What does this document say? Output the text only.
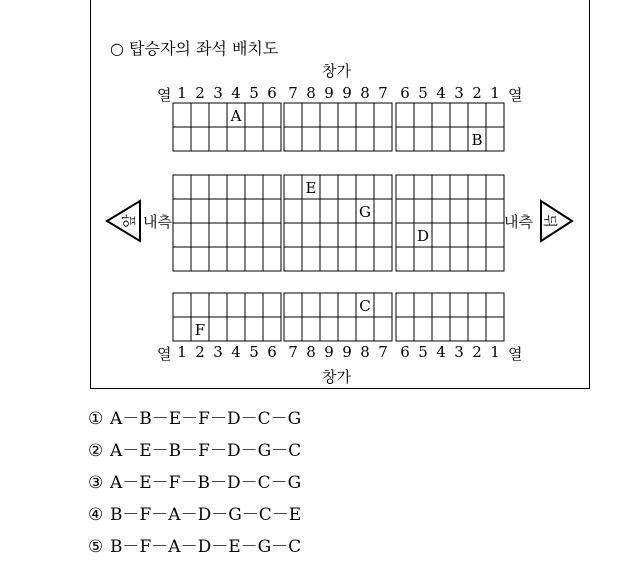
○ 탑승자의 좌석 배치도
창가
창가
열	열
열	열
내측	내측
1 2 3 4 5 6 7 8 9 9 8 7 6 5 4 3 2 1
1 2 3 4 5 6 7 8 9 9 8 7 6 5 4 3 2 1
A
B
C
D
E
F
G
앞	뒤
① A－B－E－F－D－C－G
② A－E－B－F－D－G－C
③ A－E－F－B－D－C－G
④ B－F－A－D－G－C－E
⑤ B－F－A－D－E－G－C
